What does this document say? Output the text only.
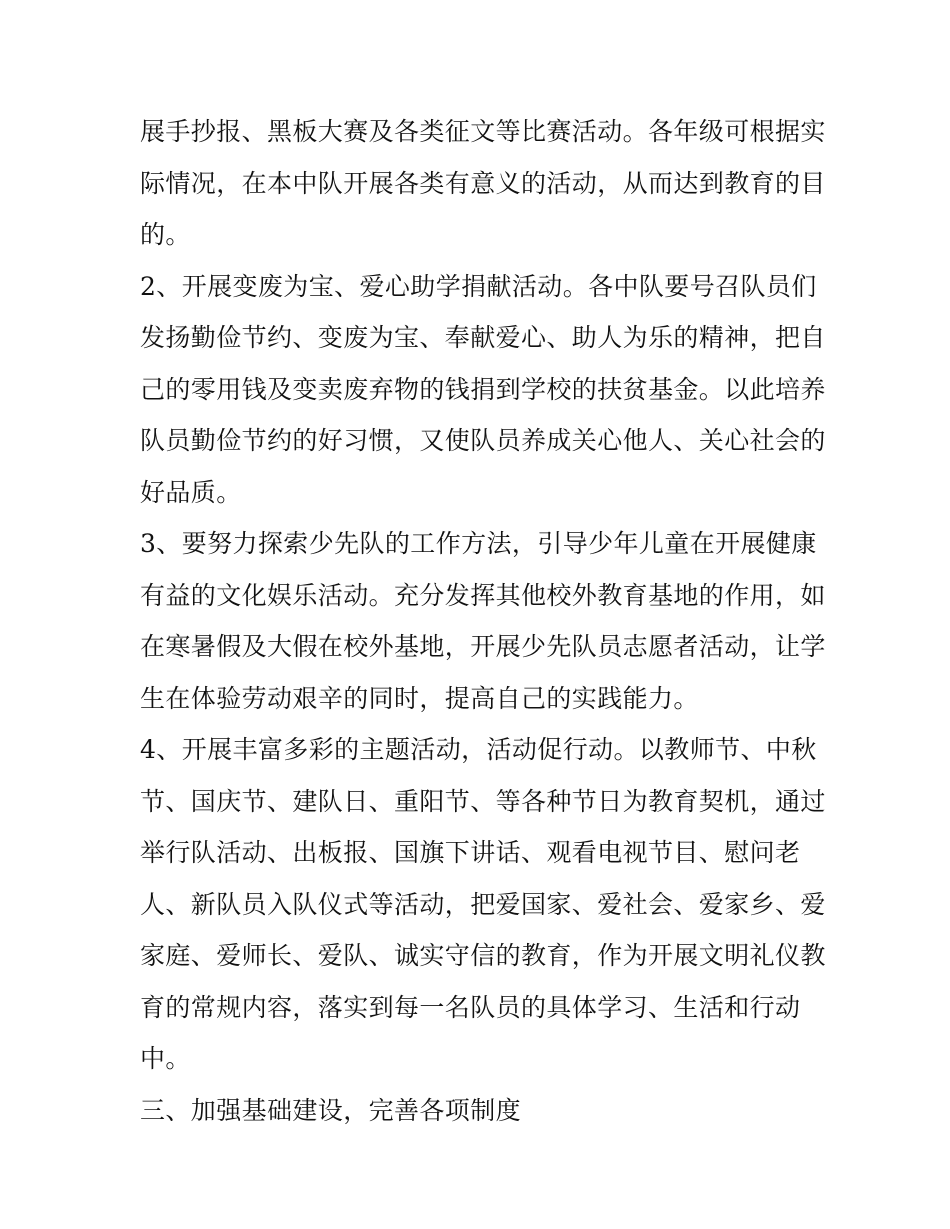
展手抄报、黑板大赛及各类征文等比赛活动。各年级可根据实
际情况，在本中队开展各类有意义的活动，从而达到教育的目
的。
2、开展变废为宝、爱心助学捐献活动。各中队要号召队员们
发扬勤俭节约、变废为宝、奉献爱心、助人为乐的精神，把自
己的零用钱及变卖废弃物的钱捐到学校的扶贫基金。以此培养
队员勤俭节约的好习惯，又使队员养成关心他人、关心社会的
好品质。
3、要努力探索少先队的工作方法，引导少年儿童在开展健康
有益的文化娱乐活动。充分发挥其他校外教育基地的作用，如
在寒暑假及大假在校外基地，开展少先队员志愿者活动，让学
生在体验劳动艰辛的同时，提高自己的实践能力。
4、开展丰富多彩的主题活动，活动促行动。以教师节、中秋
节、国庆节、建队日、重阳节、等各种节日为教育契机，通过
举行队活动、出板报、国旗下讲话、观看电视节目、慰问老
人、新队员入队仪式等活动，把爱国家、爱社会、爱家乡、爱
家庭、爱师长、爱队、诚实守信的教育，作为开展文明礼仪教
育的常规内容，落实到每一名队员的具体学习、生活和行动
中。
三、加强基础建设，完善各项制度
